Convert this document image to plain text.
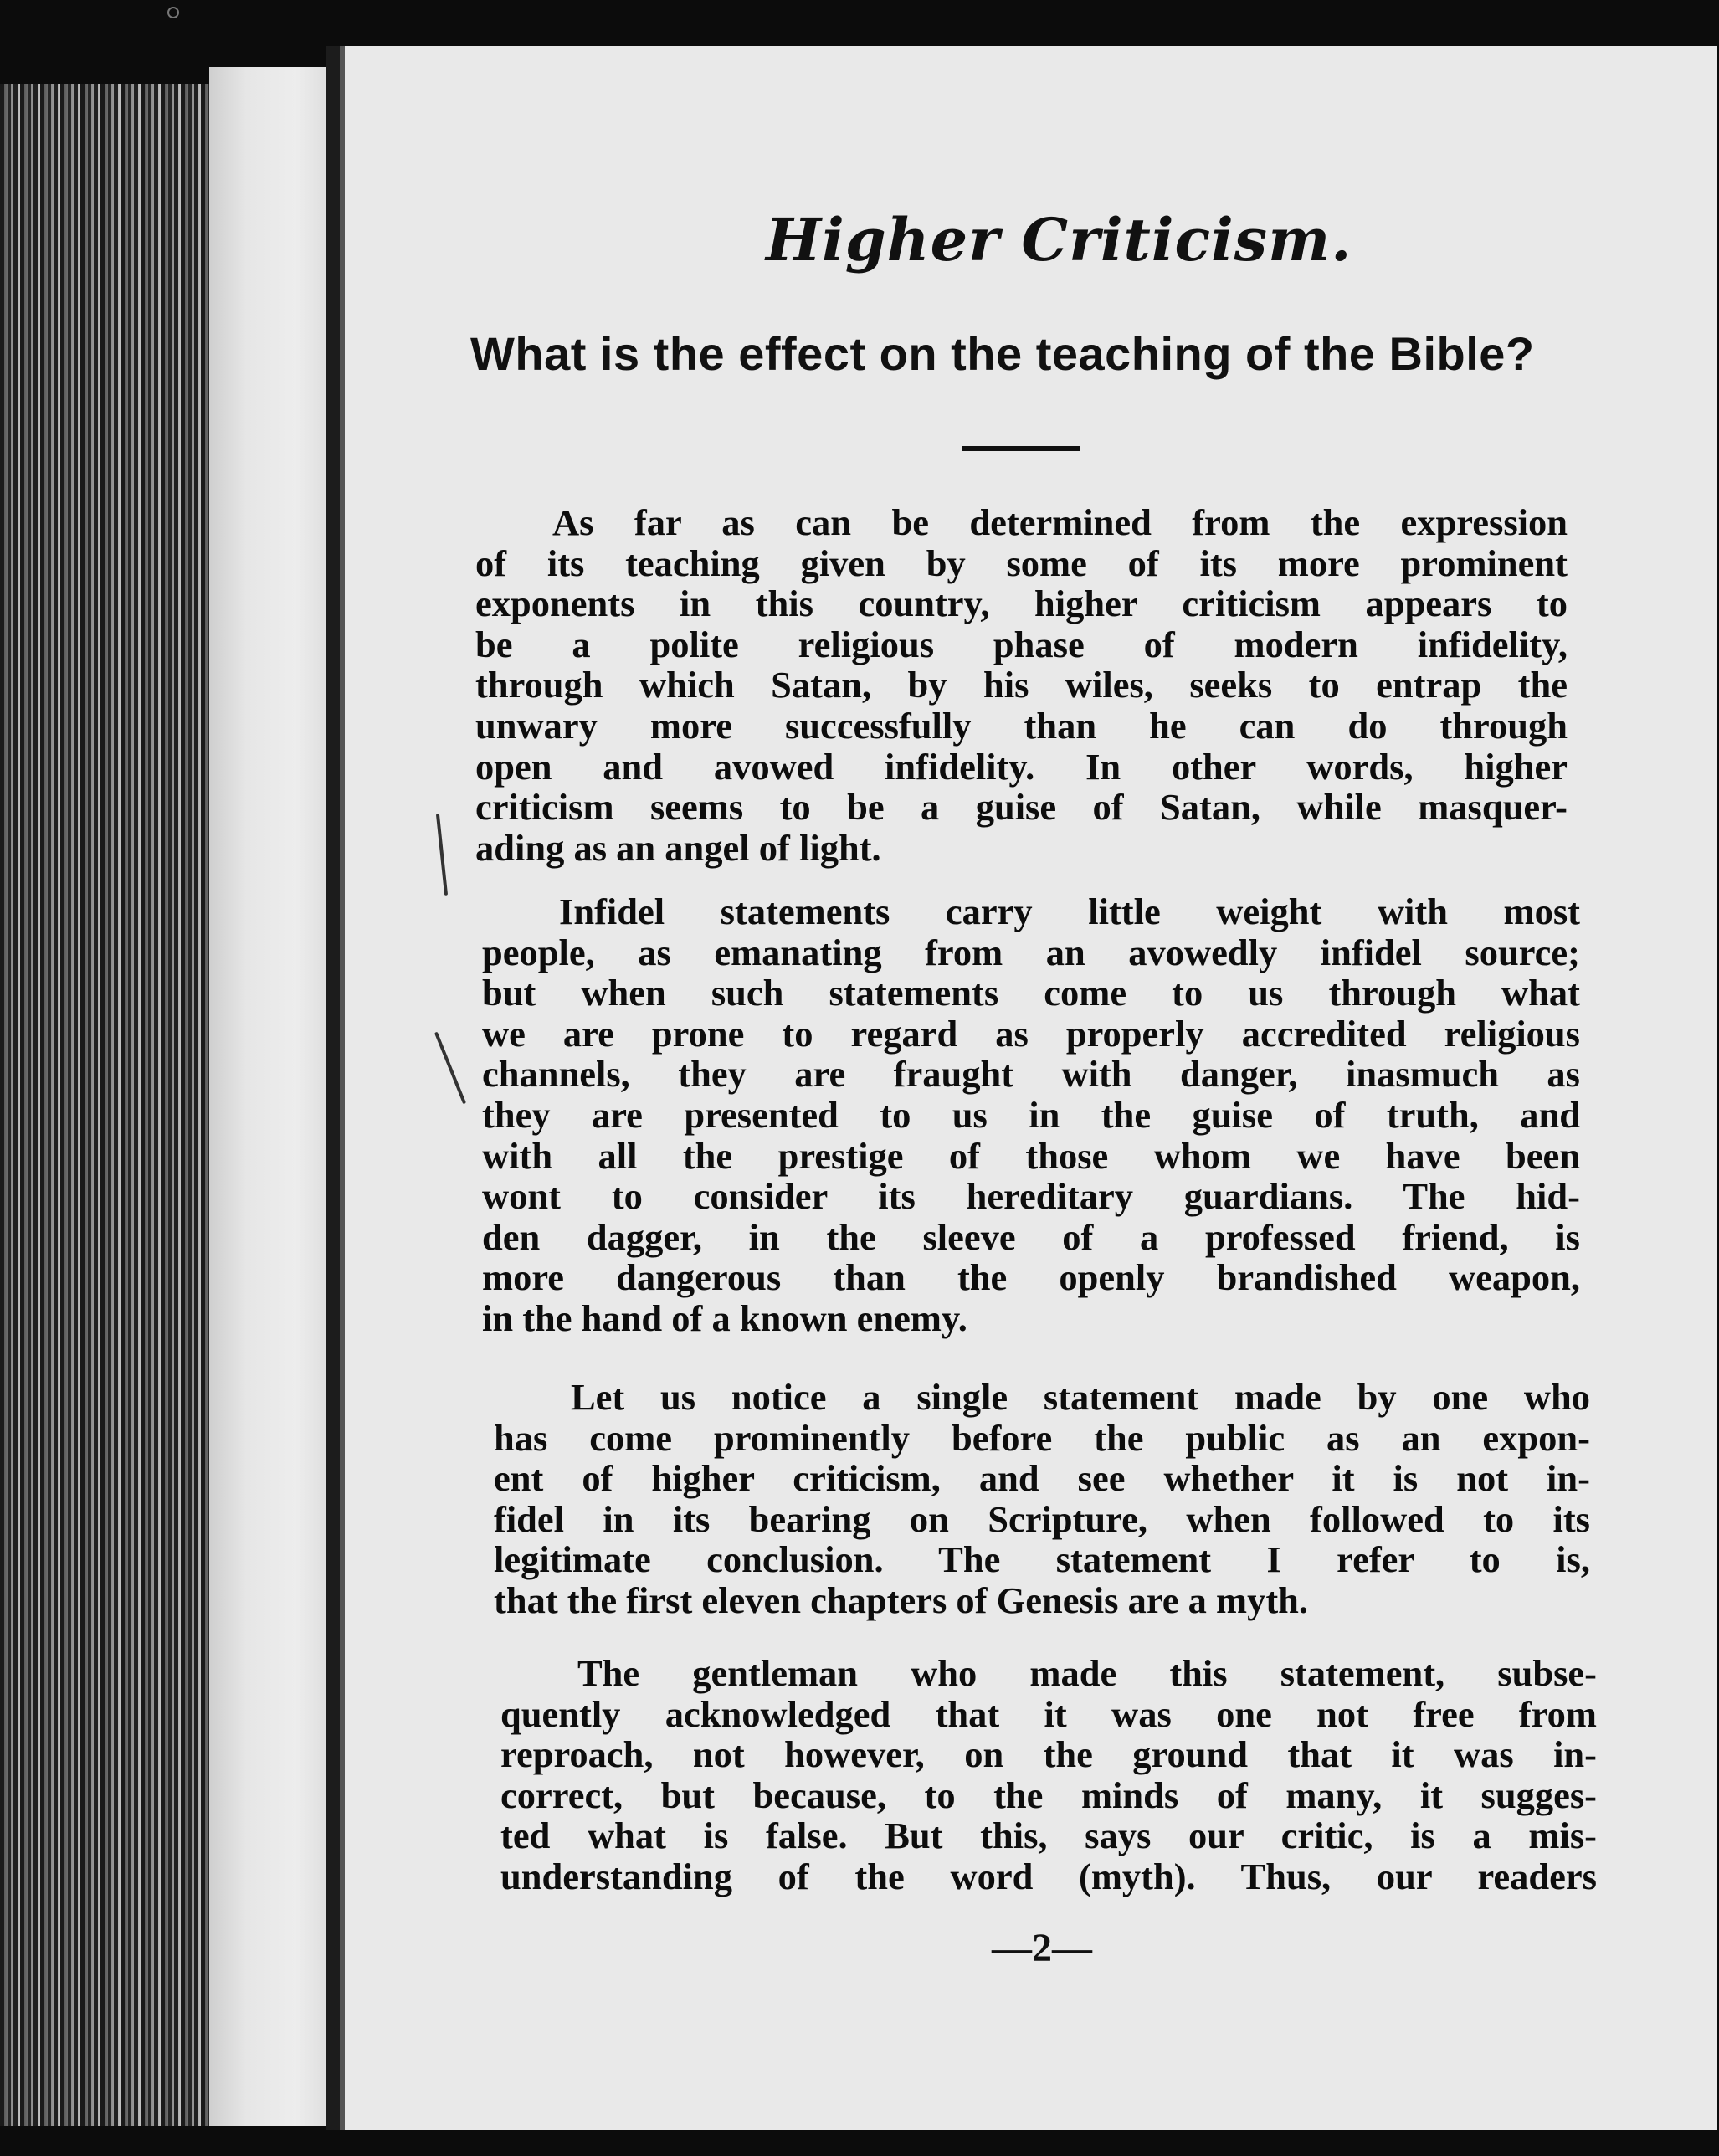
Higher Criticism.
What is the effect on the teaching of the Bible?
As far as can be determined from the expression
of its teaching given by some of its more prominent
exponents in this country, higher criticism appears to
be a polite religious phase of modern infidelity,
through which Satan, by his wiles, seeks to entrap the
unwary more successfully than he can do through
open and avowed infidelity. In other words, higher
criticism seems to be a guise of Satan, while masquer-
ading as an angel of light.
Infidel statements carry little weight with most
people, as emanating from an avowedly infidel source;
but when such statements come to us through what
we are prone to regard as properly accredited religious
channels, they are fraught with danger, inasmuch as
they are presented to us in the guise of truth, and
with all the prestige of those whom we have been
wont to consider its hereditary guardians. The hid-
den dagger, in the sleeve of a professed friend, is
more dangerous than the openly brandished weapon,
in the hand of a known enemy.
Let us notice a single statement made by one who
has come prominently before the public as an expon-
ent of higher criticism, and see whether it is not in-
fidel in its bearing on Scripture, when followed to its
legitimate conclusion. The statement I refer to is,
that the first eleven chapters of Genesis are a myth.
The gentleman who made this statement, subse-
quently acknowledged that it was one not free from
reproach, not however, on the ground that it was in-
correct, but because, to the minds of many, it sugges-
ted what is false. But this, says our critic, is a mis-
understanding of the word (myth). Thus, our readers
—2—
